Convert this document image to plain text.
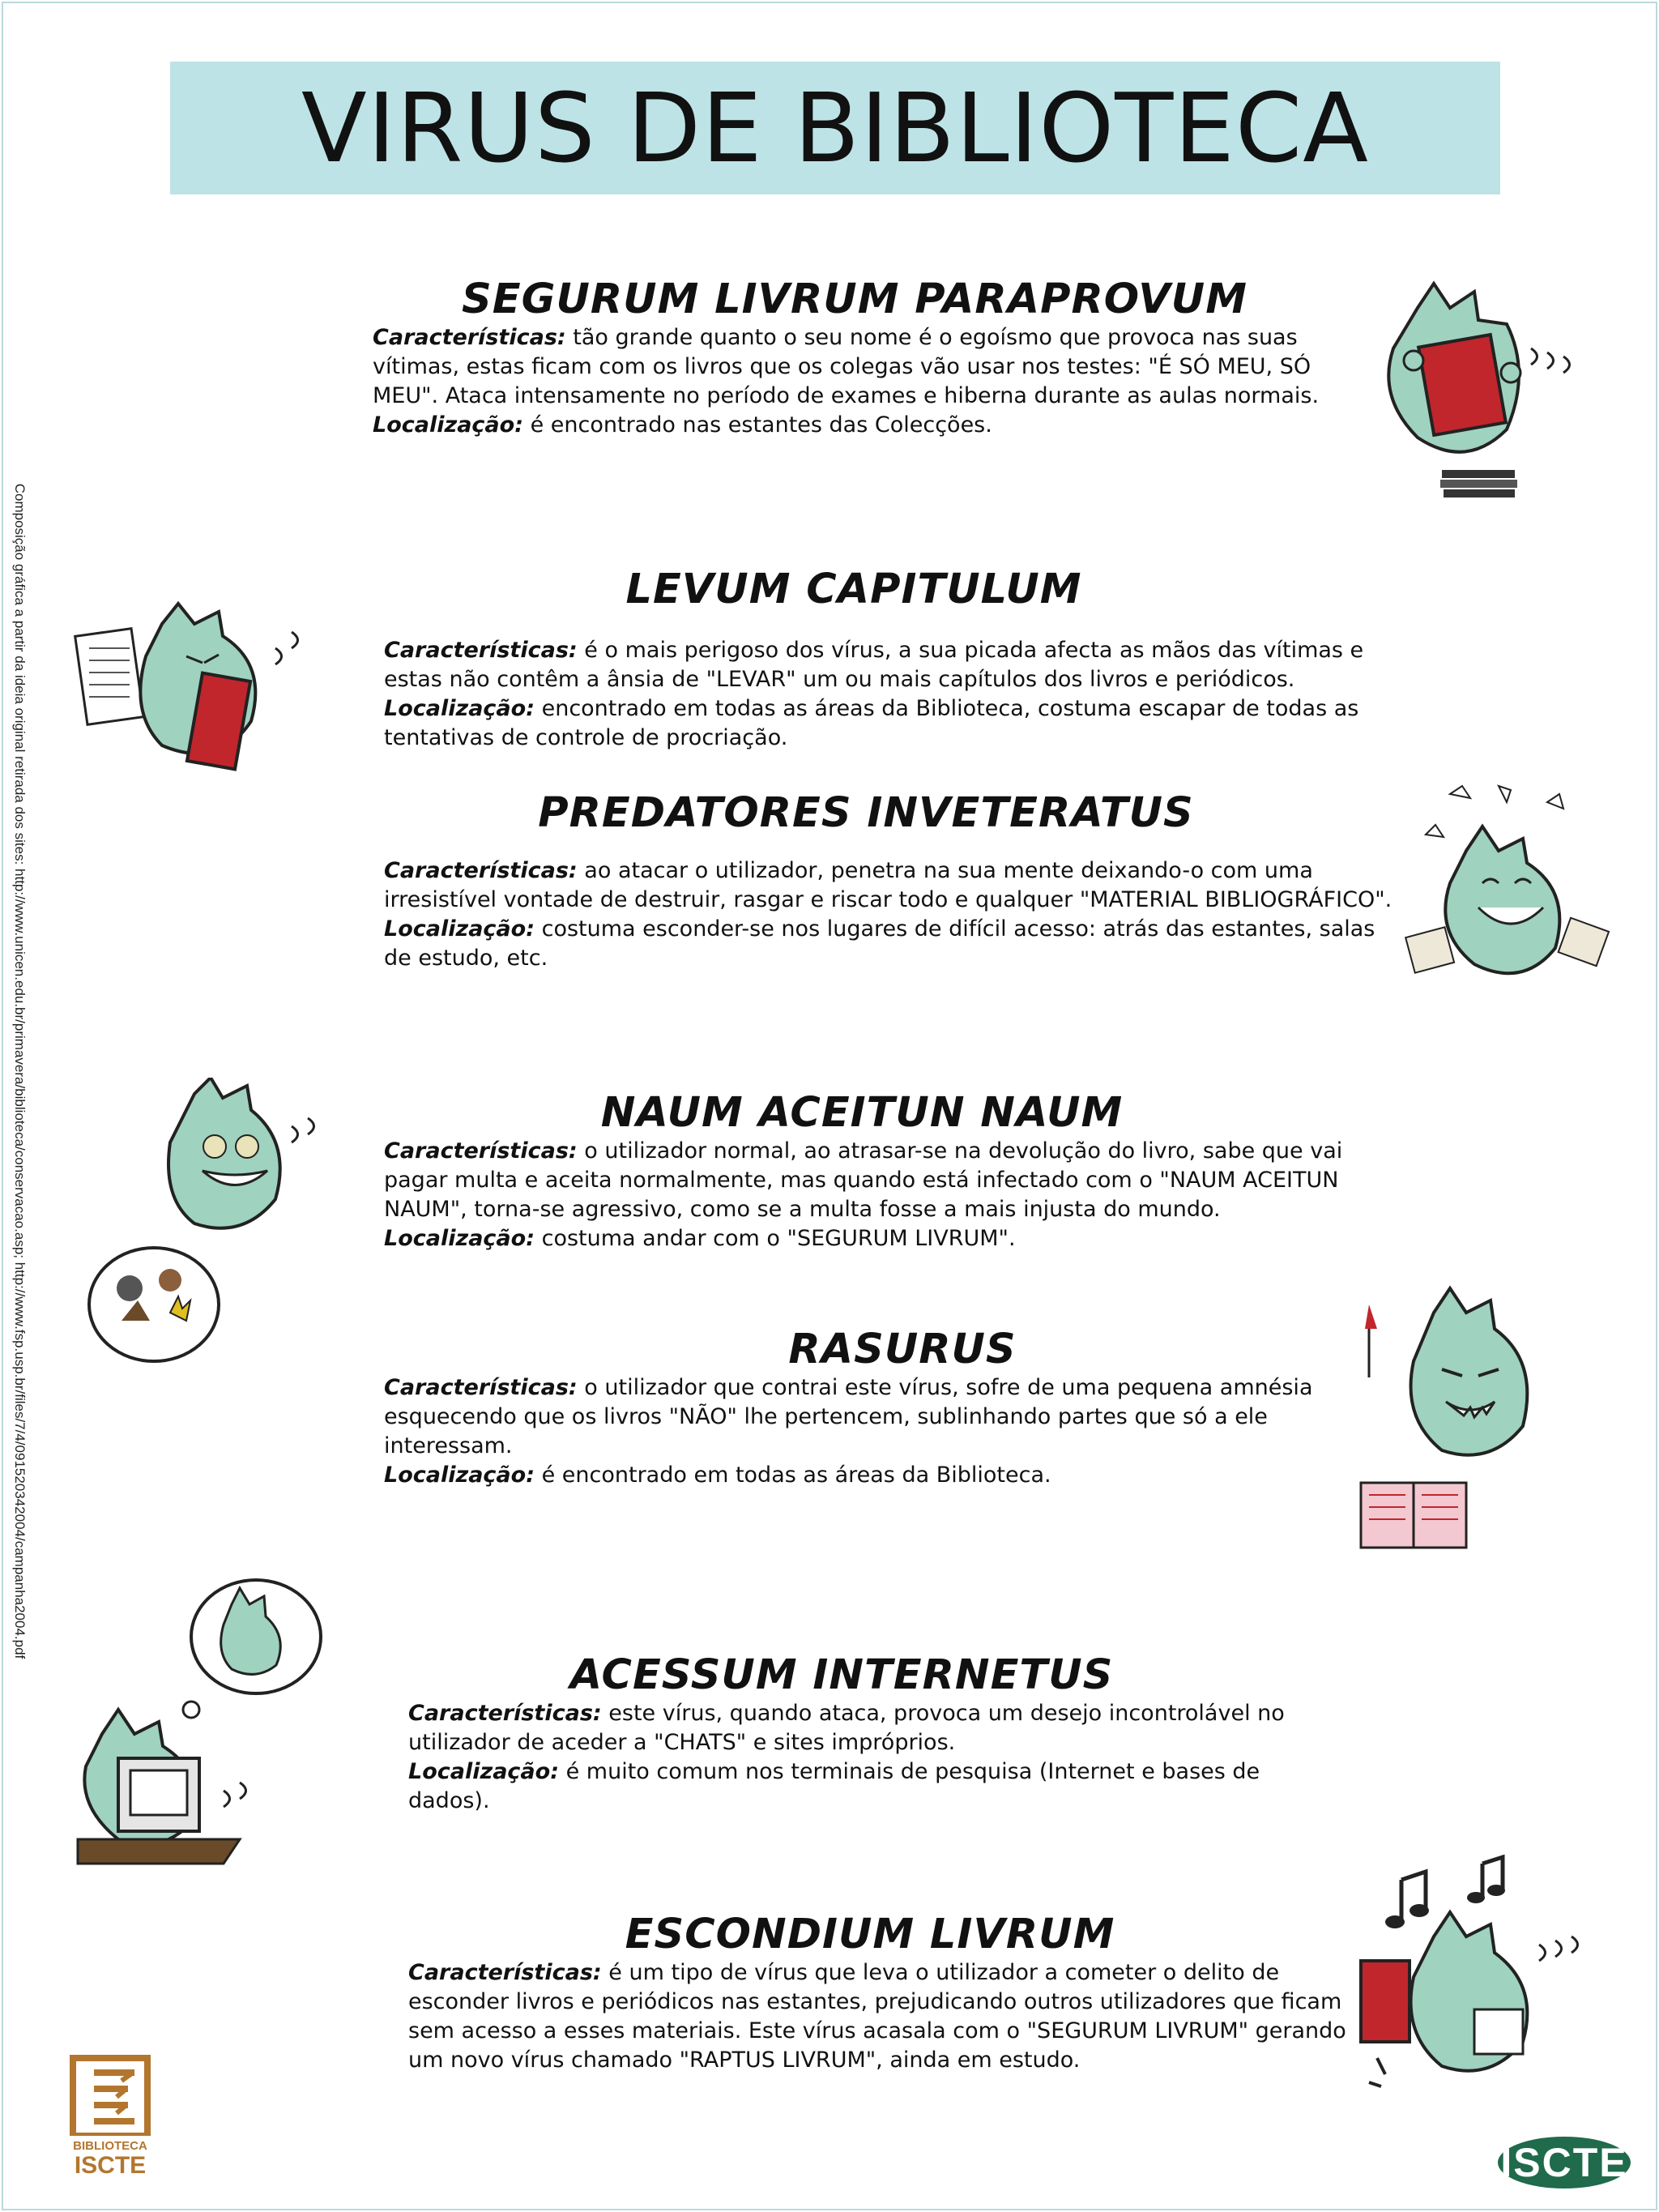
VIRUS DE BIBLIOTECA
Composição gráfica a partir da ideia original retirada dos sites: http://www.unicen.edu.br/primavera/biblioteca/conservacao.asp; http://www.fsp.usp.br/files/7/4/091520342004/campanha2004.pdf
SEGURUM LIVRUM PARAPROVUM

Características: tão grande quanto o seu nome é o egoísmo que provoca nas suas vítimas, estas ficam com os livros que os colegas vão usar nos testes: "É SÓ MEU, SÓ MEU". Ataca intensamente no período de exames e hiberna durante as aulas normais.
Localização: é encontrado nas estantes das Colecções.

LEVUM CAPITULUM

Características: é o mais perigoso dos vírus, a sua picada afecta as mãos das vítimas e estas não contêm a ânsia de "LEVAR" um ou mais capítulos dos livros e periódicos.
Localização: encontrado em todas as áreas da Biblioteca, costuma escapar de todas as tentativas de controle de procriação.

PREDATORES INVETERATUS

Características: ao atacar o utilizador, penetra na sua mente deixando-o com uma irresistível vontade de destruir, rasgar e riscar todo e qualquer "MATERIAL BIBLIOGRÁFICO".
Localização: costuma esconder-se nos lugares de difícil acesso: atrás das estantes, salas de estudo, etc.

NAUM ACEITUN NAUM

Características: o utilizador normal, ao atrasar-se na devolução do livro, sabe que vai pagar multa e aceita normalmente, mas quando está infectado com o "NAUM ACEITUN NAUM", torna-se agressivo, como se a multa fosse a mais injusta do mundo.
Localização: costuma andar com o "SEGURUM LIVRUM".

RASURUS

Características: o utilizador que contrai este vírus, sofre de uma pequena amnésia esquecendo que os livros "NÃO" lhe pertencem, sublinhando partes que só a ele interessam.
Localização: é encontrado em todas as áreas da Biblioteca.

ACESSUM INTERNETUS

Características: este vírus, quando ataca, provoca um desejo incontrolável no utilizador de aceder a "CHATS" e sites impróprios.
Localização: é muito comum nos terminais de pesquisa (Internet e bases de dados).

ESCONDIUM LIVRUM

Características: é um tipo de vírus que leva o utilizador a cometer o delito de esconder livros e periódicos nas estantes, prejudicando outros utilizadores que ficam sem acesso a esses materiais. Este vírus acasala com o "SEGURUM LIVRUM" gerando um novo vírus chamado "RAPTUS LIVRUM", ainda em estudo.

BIBLIOTECA
ISCTE	ISCTE
